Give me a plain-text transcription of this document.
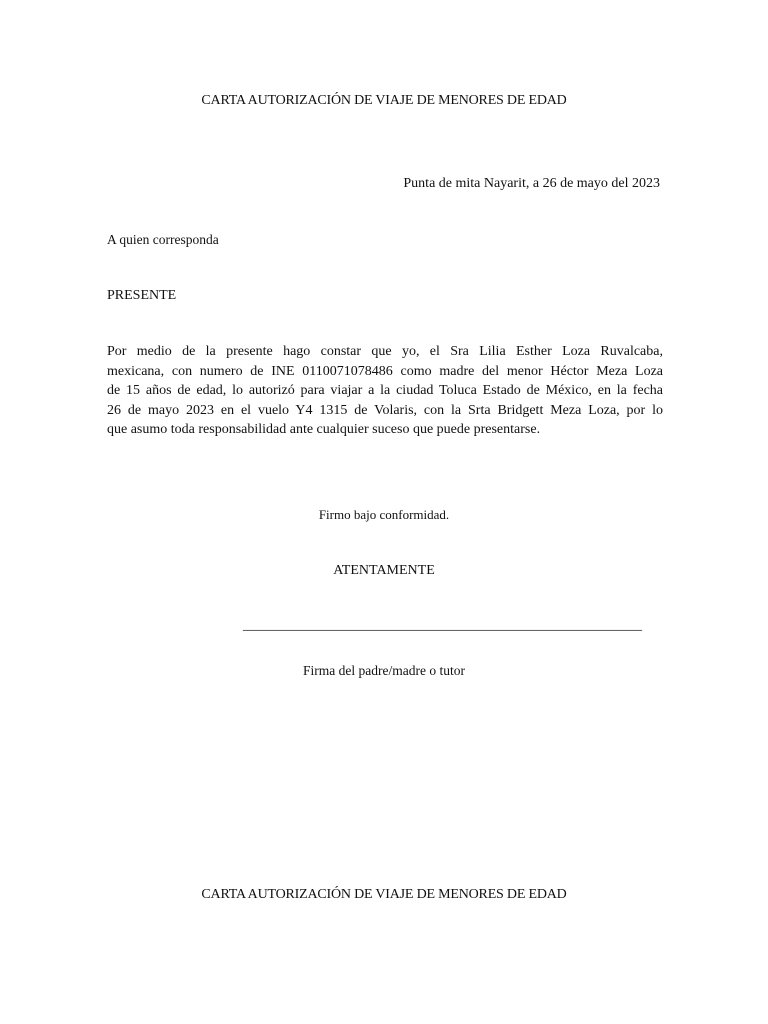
CARTA AUTORIZACIÓN DE VIAJE DE MENORES DE EDAD
Punta de mita Nayarit, a 26 de mayo del 2023
A quien corresponda
PRESENTE
Por medio de la presente hago constar que yo, el Sra Lilia Esther Loza Ruvalcaba,
mexicana, con numero de INE 0110071078486 como madre del menor Héctor Meza Loza
de 15 años de edad, lo autorizó para viajar a la ciudad Toluca Estado de México, en la fecha
26 de mayo 2023 en el vuelo Y4 1315 de Volaris, con la Srta Bridgett Meza Loza, por lo
que asumo toda responsabilidad ante cualquier suceso que puede presentarse.
Firmo bajo conformidad.
ATENTAMENTE
_________________________________________________________
Firma del padre/madre o tutor
CARTA AUTORIZACIÓN DE VIAJE DE MENORES DE EDAD
